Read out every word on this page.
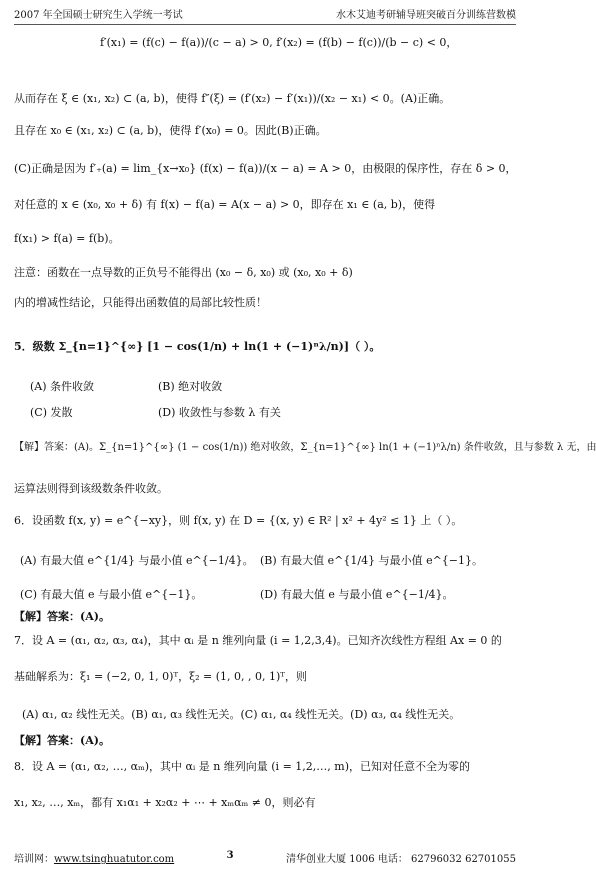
2007 年全国硕士研究生入学统一考试	水木艾迪考研辅导班突破百分训练营数模
f′(x₁) = (f(c) − f(a))/(c − a) > 0, f′(x₂) = (f(b) − f(c))/(b − c) < 0，
从而存在 ξ ∈ (x₁, x₂) ⊂ (a, b)，使得 f″(ξ) = (f′(x₂) − f′(x₁))/(x₂ − x₁) < 0。(A)正确。
且存在 x₀ ∈ (x₁, x₂) ⊂ (a, b)，使得 f′(x₀) = 0。因此(B)正确。
(C)正确是因为 f′₊(a) = lim_{x→x₀} (f(x) − f(a))/(x − a) = A > 0，由极限的保序性，存在 δ > 0，
对任意的 x ∈ (x₀, x₀ + δ) 有 f(x) − f(a) = A(x − a) > 0，即存在 x₁ ∈ (a, b)，使得
f(x₁) > f(a) = f(b)。
注意：函数在一点导数的正负号不能得出 (x₀ − δ, x₀) 或 (x₀, x₀ + δ)
内的增减性结论，只能得出函数值的局部比较性质！
5．级数 Σ_{n=1}^{∞} [1 − cos(1/n) + ln(1 + (−1)ⁿλ/n)]（ ）。
(A) 条件收敛	(B) 绝对收敛
(C) 发散	(D) 收敛性与参数 λ 有关
【解】答案：(A)。Σ_{n=1}^{∞} (1 − cos(1/n)) 绝对收敛，Σ_{n=1}^{∞} ln(1 + (−1)ⁿλ/n) 条件收敛，且与参数 λ 无，由
运算法则得到该级数条件收敛。
6．设函数 f(x, y) = e^{−xy}，则 f(x, y) 在 D = {(x, y) ∈ R² | x² + 4y² ≤ 1} 上（ ）。
(A) 有最大值 e^{1/4} 与最小值 e^{−1/4}。 (B) 有最大值 e^{1/4} 与最小值 e^{−1}。
(C) 有最大值 e 与最小值 e^{−1}。	(D) 有最大值 e 与最小值 e^{−1/4}。
【解】答案：(A)。
7．设 A = (α₁, α₂, α₃, α₄)，其中 αᵢ 是 n 维列向量 (i = 1,2,3,4)。已知齐次线性方程组 Ax = 0 的
基础解系为：ξ₁ = (−2, 0, 1, 0)ᵀ，ξ₂ = (1, 0, , 0, 1)ᵀ，则
(A) α₁, α₂ 线性无关。(B) α₁, α₃ 线性无关。(C) α₁, α₄ 线性无关。(D) α₃, α₄ 线性无关。
【解】答案：(A)。
8．设 A = (α₁, α₂, …, αₘ)，其中 αᵢ 是 n 维列向量 (i = 1,2,…, m)，已知对任意不全为零的
x₁, x₂, …, xₘ，都有 x₁α₁ + x₂α₂ + ⋯ + xₘαₘ ≠ 0，则必有
培训网：www.tsinghuatutor.com	3	清华创业大厦 1006 电话： 62796032 62701055
